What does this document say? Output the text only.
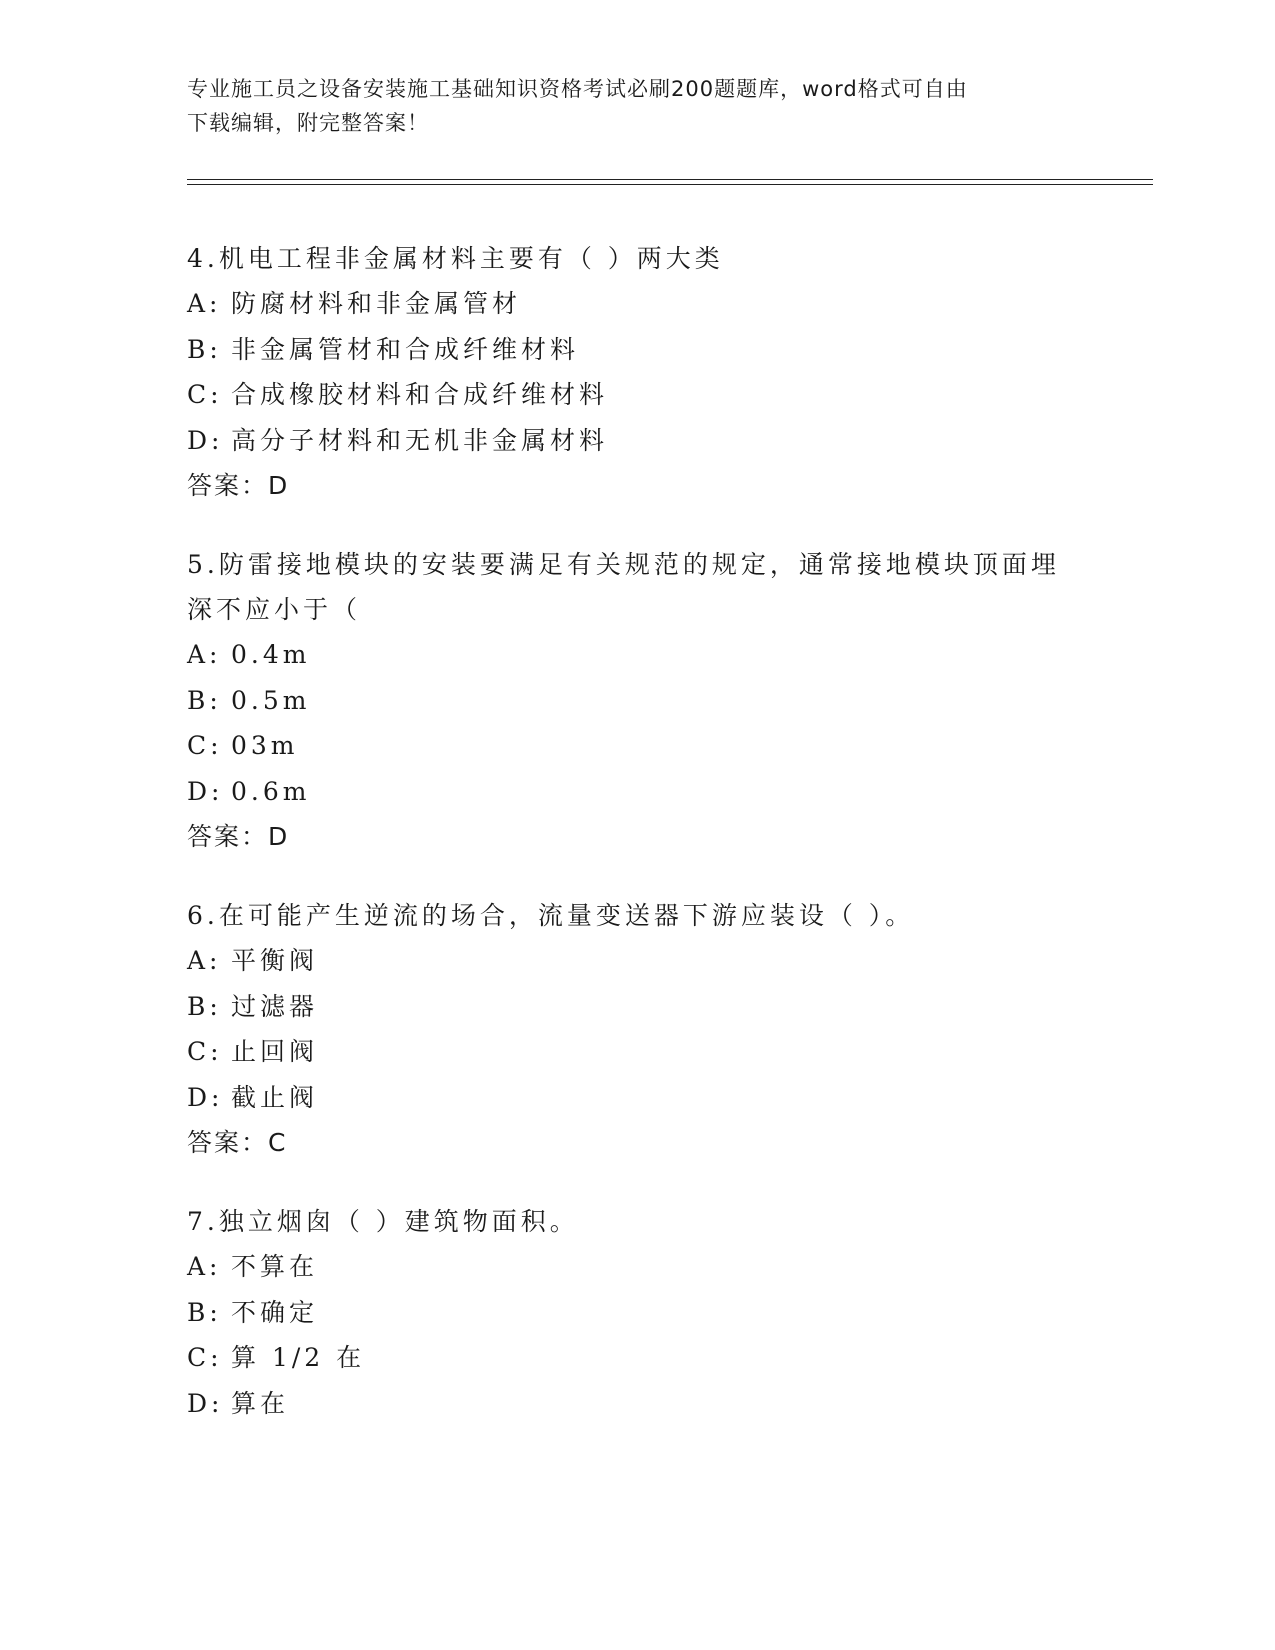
专业施工员之设备安装施工基础知识资格考试必刷200题题库，word格式可自由
下载编辑，附完整答案！
4.机电工程非金属材料主要有（ ）两大类
A: 防腐材料和非金属管材
B: 非金属管材和合成纤维材料
C: 合成橡胶材料和合成纤维材料
D: 高分子材料和无机非金属材料
答案：D
5.防雷接地模块的安装要满足有关规范的规定，通常接地模块顶面埋深不应小于（
A: 0.4m
B: 0.5m
C: 03m
D: 0.6m
答案：D
6.在可能产生逆流的场合，流量变送器下游应装设（ ）。
A: 平衡阀
B: 过滤器
C: 止回阀
D: 截止阀
答案：C
7.独立烟囱（ ）建筑物面积。
A: 不算在
B: 不确定
C: 算 1/2 在
D: 算在
